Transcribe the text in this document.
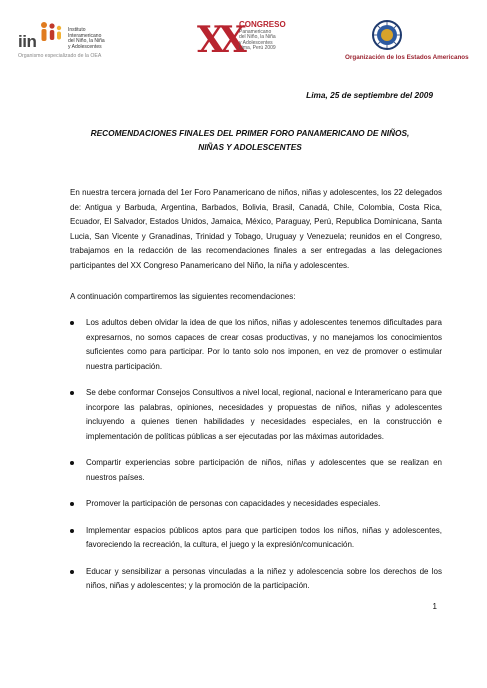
iin
Instituto
Interamericano
del Niño, la Niña
y Adolescentes
Organismo especializado de la OEA	XX
CONGRESO
Panamericano
del Niño, la Niña
y Adolescentes
Lima, Perú 2009
Organización de los Estados Americanos
Lima, 25 de septiembre del 2009
RECOMENDACIONES FINALES DEL PRIMER FORO PANAMERICANO DE NIÑOS,
NIÑAS Y ADOLESCENTES
En nuestra tercera jornada del 1er Foro Panamericano de niños, niñas y adolescentes, los 22 delegados de: Antigua y Barbuda, Argentina, Barbados, Bolivia, Brasil, Canadá, Chile, Colombia, Costa Rica, Ecuador, El Salvador, Estados Unidos, Jamaica, México, Paraguay, Perú, Republica Dominicana, Santa Lucia, San Vicente y Granadinas, Trinidad y Tobago, Uruguay y Venezuela; reunidos en el Congreso, trabajamos en la redacción de las recomendaciones finales a ser entregadas a las delegaciones participantes del XX Congreso Panamericano del Niño, la niña y adolescentes.
A continuación compartiremos las siguientes recomendaciones:
Los adultos deben olvidar la idea de que los niños, niñas y adolescentes tenemos dificultades para expresarnos, no somos capaces de crear cosas productivas, y no manejamos los conocimientos suficientes como para participar. Por lo tanto solo nos imponen, en vez de promover o estimular nuestra participación.
Se debe conformar Consejos Consultivos a nivel local, regional, nacional e Interamericano para que incorpore las palabras, opiniones, necesidades y propuestas de niños, niñas y adolescentes incluyendo a quienes tienen habilidades y necesidades especiales, en la construcción e implementación de políticas públicas a ser ejecutadas por las máximas autoridades.
Compartir experiencias sobre participación de niños, niñas y adolescentes que se realizan en nuestros países.
Promover la participación de personas con capacidades y necesidades especiales.
Implementar espacios públicos aptos para que participen todos los niños, niñas y adolescentes, favoreciendo la recreación, la cultura, el juego y la expresión/comunicación.
Educar y sensibilizar a personas vinculadas a la niñez y adolescencia sobre los derechos de los niños, niñas y adolescentes; y la promoción de la participación.
1
